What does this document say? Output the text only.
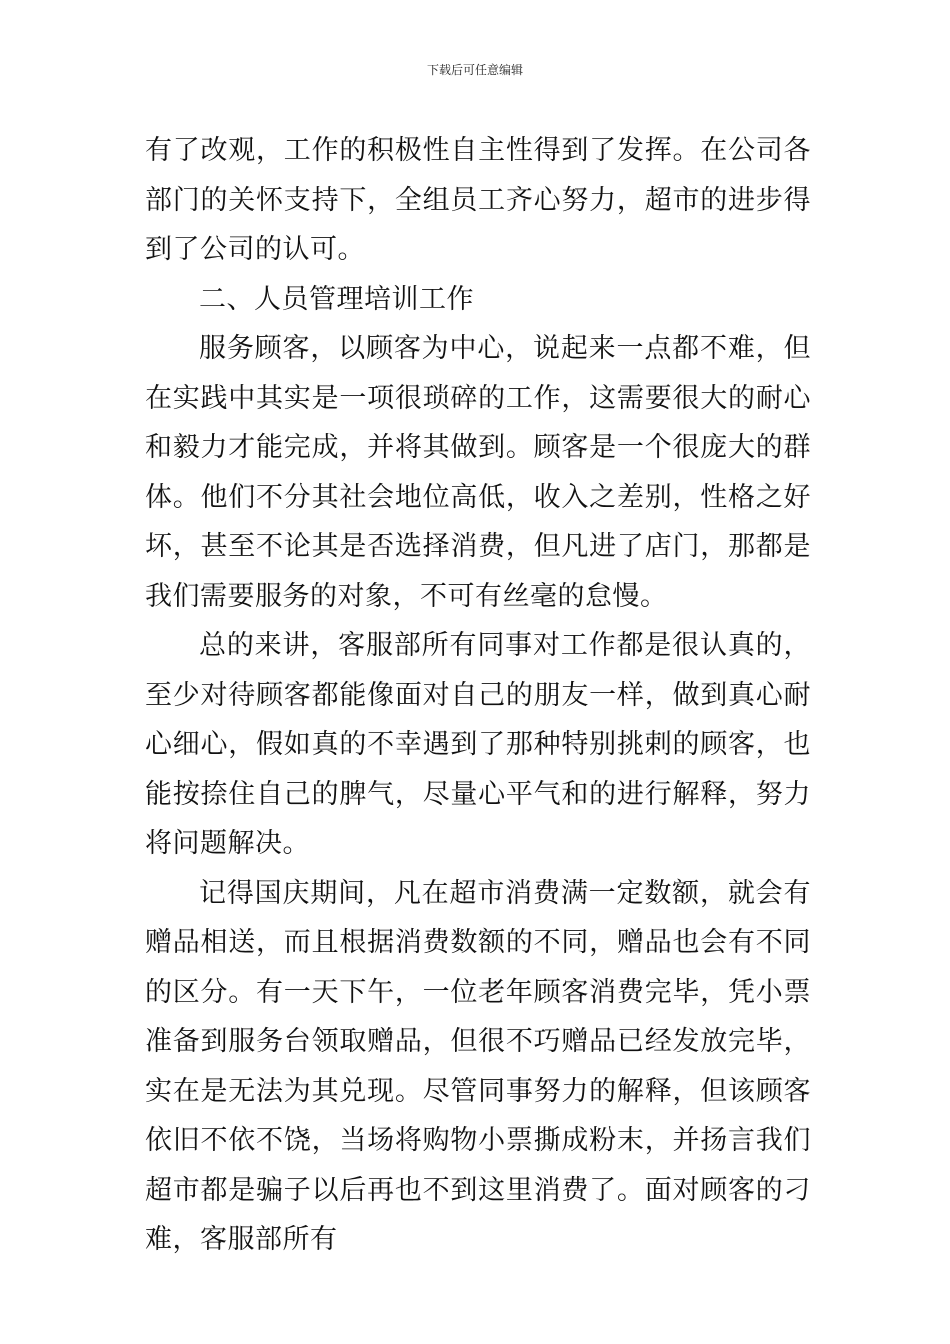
下载后可任意编辑

有了改观，工作的积极性自主性得到了发挥。在公司各部门的关怀支持下，全组员工齐心努力，超市的进步得到了公司的认可。

二、人员管理培训工作

服务顾客，以顾客为中心，说起来一点都不难，但在实践中其实是一项很琐碎的工作，这需要很大的耐心和毅力才能完成，并将其做到。顾客是一个很庞大的群体。他们不分其社会地位高低，收入之差别，性格之好坏，甚至不论其是否选择消费，但凡进了店门，那都是我们需要服务的对象，不可有丝毫的怠慢。

总的来讲，客服部所有同事对工作都是很认真的，至少对待顾客都能像面对自己的朋友一样，做到真心耐心细心，假如真的不幸遇到了那种特别挑剌的顾客，也能按捺住自己的脾气，尽量心平气和的进行解释，努力将问题解决。

记得国庆期间，凡在超市消费满一定数额，就会有赠品相送，而且根据消费数额的不同，赠品也会有不同的区分。有一天下午，一位老年顾客消费完毕，凭小票准备到服务台领取赠品，但很不巧赠品已经发放完毕，实在是无法为其兑现。尽管同事努力的解释，但该顾客依旧不依不饶，当场将购物小票撕成粉末，并扬言我们超市都是骗子以后再也不到这里消费了。面对顾客的刁难，客服部所有
